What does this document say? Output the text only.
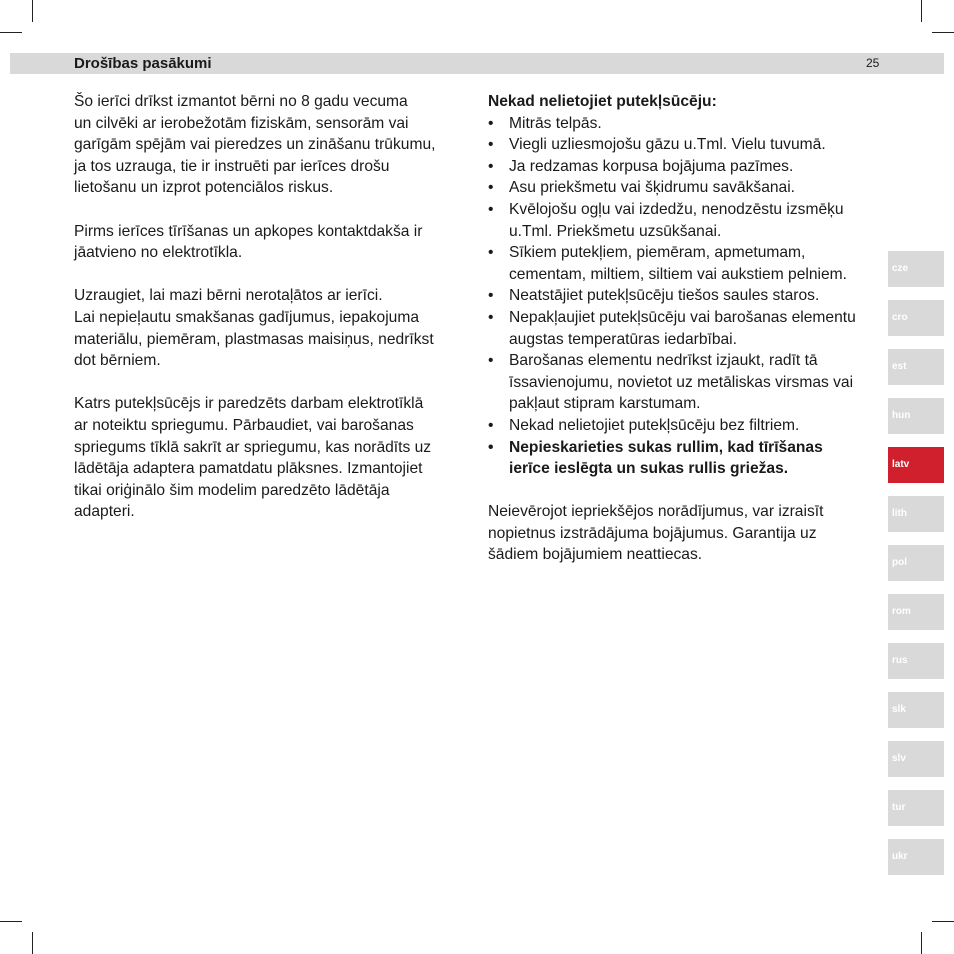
Drošības pasākumi	25

Šo ierīci drīkst izmantot bērni no 8 gadu vecuma
un cilvēki ar ierobežotām fiziskām, sensorām vai
garīgām spējām vai pieredzes un zināšanu trūkumu,
ja tos uzrauga, tie ir instruēti par ierīces drošu
lietošanu un izprot potenciālos riskus.

Pirms ierīces tīrīšanas un apkopes kontaktdakša ir
jāatvieno no elektrotīkla.

Uzraugiet, lai mazi bērni nerotaļātos ar ierīci.
Lai nepieļautu smakšanas gadījumus, iepakojuma
materiālu, piemēram, plastmasas maisiņus, nedrīkst
dot bērniem.

Katrs putekļsūcējs ir paredzēts darbam elektrotīklā
ar noteiktu spriegumu. Pārbaudiet, vai barošanas
spriegums tīklā sakrīt ar spriegumu, kas norādīts uz
lādētāja adaptera pamatdatu plāksnes. Izmantojiet
tikai oriģinālo šim modelim paredzēto lādētāja
adapteri.

Nekad nelietojiet putekļsūcēju:

• Mitrās telpās.
• Viegli uzliesmojošu gāzu u.Tml. Vielu tuvumā.
• Ja redzamas korpusa bojājuma pazīmes.
• Asu priekšmetu vai šķidrumu savākšanai.
• Kvēlojošu ogļu vai izdedžu, nenodzēstu izsmēķu
u.Tml. Priekšmetu uzsūkšanai.
• Sīkiem putekļiem, piemēram, apmetumam,
cementam, miltiem, siltiem vai aukstiem pelniem.
• Neatstājiet putekļsūcēju tiešos saules staros.
• Nepakļaujiet putekļsūcēju vai barošanas elementu
augstas temperatūras iedarbībai.
• Barošanas elementu nedrīkst izjaukt, radīt tā
īssavienojumu, novietot uz metāliskas virsmas vai
pakļaut stipram karstumam.
• Nekad nelietojiet putekļsūcēju bez filtriem.
• Nepieskarieties sukas rullim, kad tīrīšanas
ierīce ieslēgta un sukas rullis griežas.

Neievērojot iepriekšējos norādījumus, var izraisīt
nopietnus izstrādājuma bojājumus. Garantija uz
šādiem bojājumiem neattiecas.

cze
cro
est
hun
latv
lith
pol
rom
rus
slk
slv
tur
ukr
